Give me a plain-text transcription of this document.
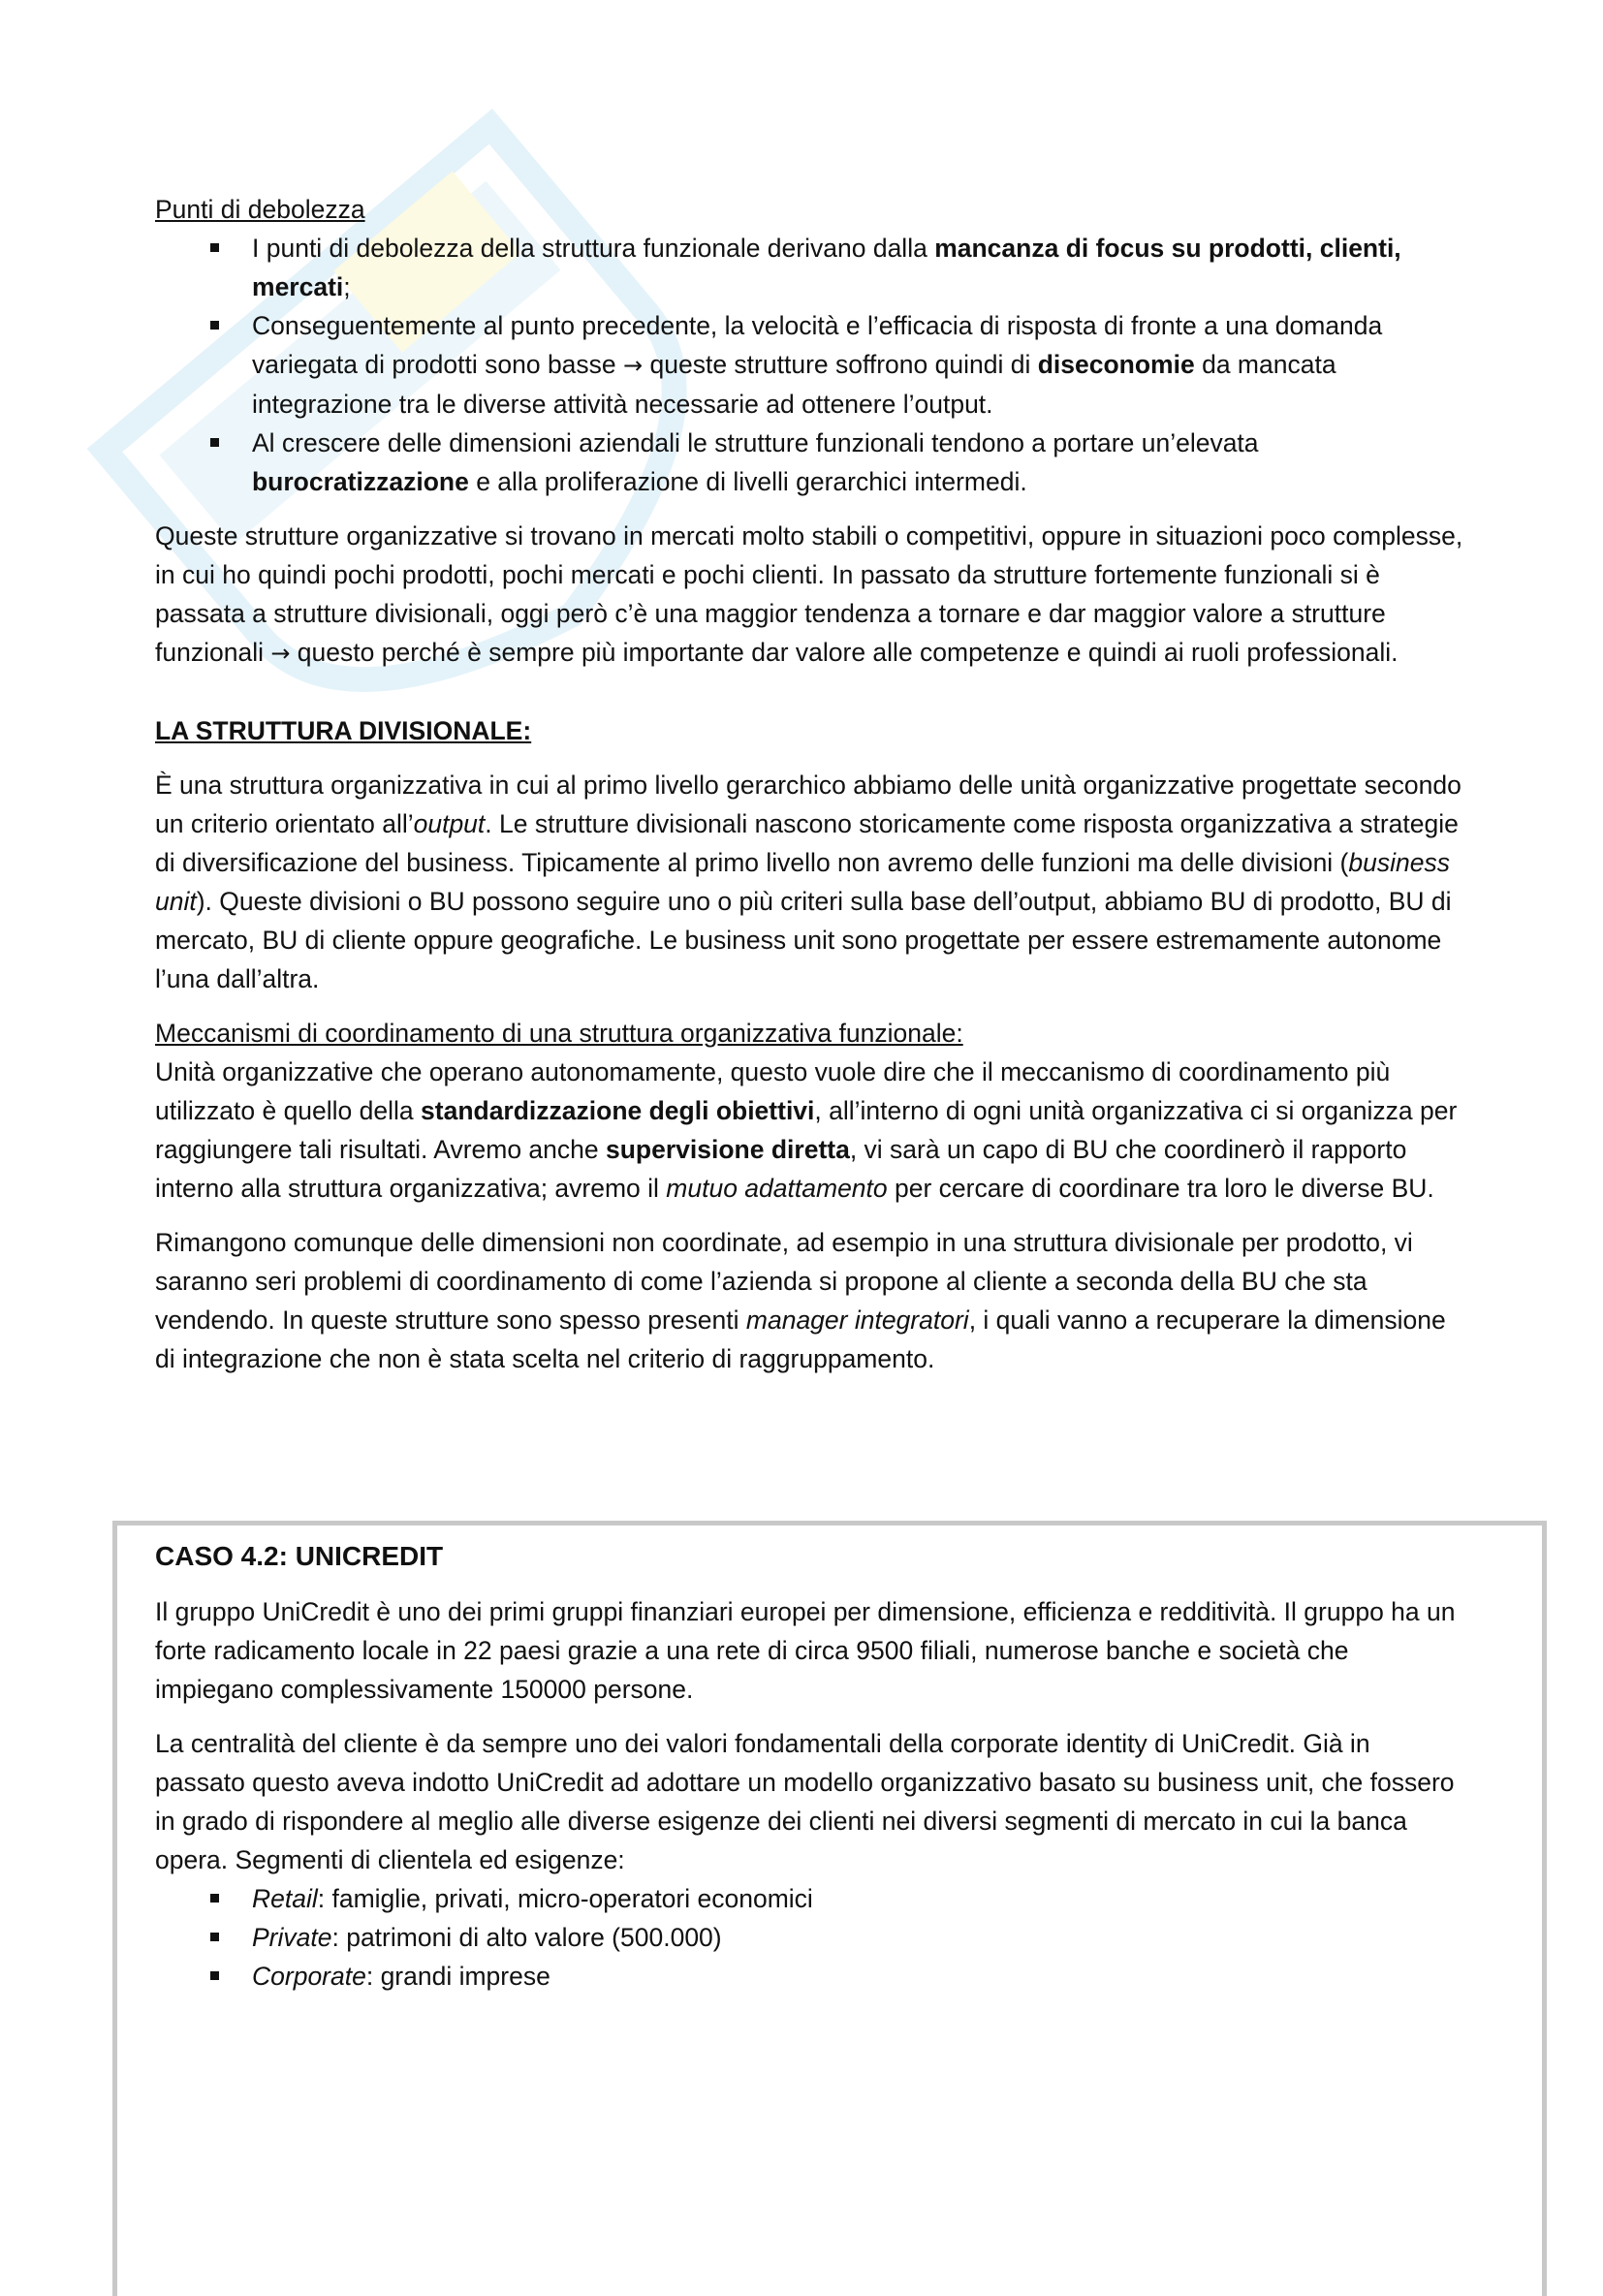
Punti di debolezza

I punti di debolezza della struttura funzionale derivano dalla mancanza di focus su prodotti, clienti, mercati;
Conseguentemente al punto precedente, la velocità e l’efficacia di risposta di fronte a una domanda variegata di prodotti sono basse → queste strutture soffrono quindi di diseconomie da mancata integrazione tra le diverse attività necessarie ad ottenere l’output.
Al crescere delle dimensioni aziendali le strutture funzionali tendono a portare un’elevata burocratizzazione e alla proliferazione di livelli gerarchici intermedi.

Queste strutture organizzative si trovano in mercati molto stabili o competitivi, oppure in situazioni poco complesse, in cui ho quindi pochi prodotti, pochi mercati e pochi clienti. In passato da strutture fortemente funzionali si è passata a strutture divisionali, oggi però c’è una maggior tendenza a tornare e dar maggior valore a strutture funzionali → questo perché è sempre più importante dar valore alle competenze e quindi ai ruoli professionali.

LA STRUTTURA DIVISIONALE:

È una struttura organizzativa in cui al primo livello gerarchico abbiamo delle unità organizzative progettate secondo un criterio orientato all’output. Le strutture divisionali nascono storicamente come risposta organizzativa a strategie di diversificazione del business. Tipicamente al primo livello non avremo delle funzioni ma delle divisioni (business unit). Queste divisioni o BU possono seguire uno o più criteri sulla base dell’output, abbiamo BU di prodotto, BU di mercato, BU di cliente oppure geografiche. Le business unit sono progettate per essere estremamente autonome l’una dall’altra.

Meccanismi di coordinamento di una struttura organizzativa funzionale:

Unità organizzative che operano autonomamente, questo vuole dire che il meccanismo di coordinamento più utilizzato è quello della standardizzazione degli obiettivi, all’interno di ogni unità organizzativa ci si organizza per raggiungere tali risultati. Avremo anche supervisione diretta, vi sarà un capo di BU che coordinerò il rapporto interno alla struttura organizzativa; avremo il mutuo adattamento per cercare di coordinare tra loro le diverse BU.

Rimangono comunque delle dimensioni non coordinate, ad esempio in una struttura divisionale per prodotto, vi saranno seri problemi di coordinamento di come l’azienda si propone al cliente a seconda della BU che sta vendendo. In queste strutture sono spesso presenti manager integratori, i quali vanno a recuperare la dimensione di integrazione che non è stata scelta nel criterio di raggruppamento.

CASO 4.2: UNICREDIT

Il gruppo UniCredit è uno dei primi gruppi finanziari europei per dimensione, efficienza e redditività. Il gruppo ha un forte radicamento locale in 22 paesi grazie a una rete di circa 9500 filiali, numerose banche e società che impiegano complessivamente 150000 persone.

La centralità del cliente è da sempre uno dei valori fondamentali della corporate identity di UniCredit. Già in passato questo aveva indotto UniCredit ad adottare un modello organizzativo basato su business unit, che fossero in grado di rispondere al meglio alle diverse esigenze dei clienti nei diversi segmenti di mercato in cui la banca opera. Segmenti di clientela ed esigenze:

Retail: famiglie, privati, micro-operatori economici
Private: patrimoni di alto valore (500.000)
Corporate: grandi imprese
